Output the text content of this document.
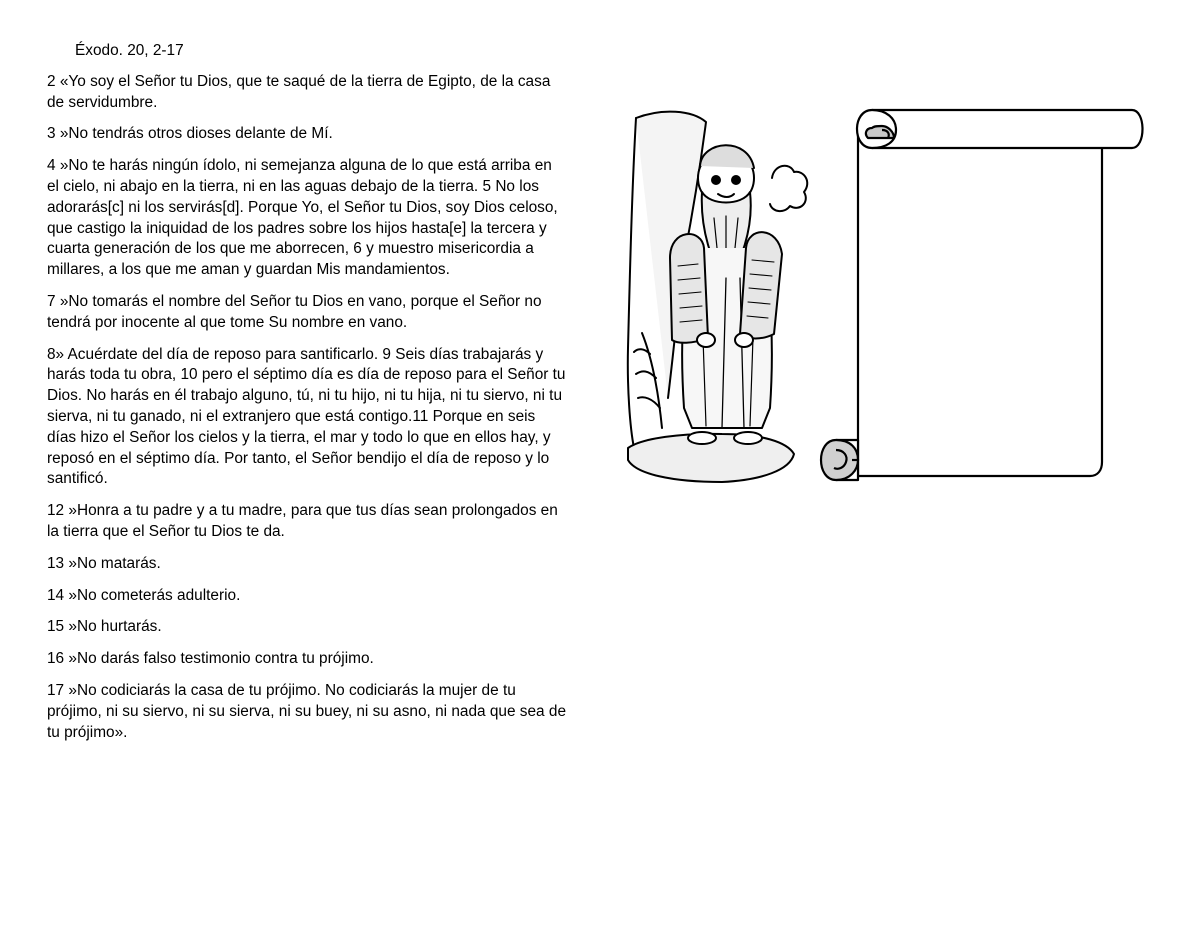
Éxodo. 20, 2-17

2 «Yo soy el Señor tu Dios, que te saqué de la tierra de Egipto, de la casa de servidumbre.

3 »No tendrás otros dioses delante de Mí.

4 »No te harás ningún ídolo, ni semejanza alguna de lo que está arriba en el cielo, ni abajo en la tierra, ni en las aguas debajo de la tierra. 5 No los adorarás[c] ni los servirás[d]. Porque Yo, el Señor tu Dios, soy Dios celoso, que castigo la iniquidad de los padres sobre los hijos hasta[e] la tercera y cuarta generación de los que me aborrecen, 6 y muestro misericordia a millares, a los que me aman y guardan Mis mandamientos.

7 »No tomarás el nombre del Señor tu Dios en vano, porque el Señor no tendrá por inocente al que tome Su nombre en vano.

8» Acuérdate del día de reposo para santificarlo. 9 Seis días trabajarás y harás toda tu obra, 10 pero el séptimo día es día de reposo para el Señor tu Dios. No harás en él trabajo alguno, tú, ni tu hijo, ni tu hija, ni tu siervo, ni tu sierva, ni tu ganado, ni el extranjero que está contigo.11 Porque en seis días hizo el Señor los cielos y la tierra, el mar y todo lo que en ellos hay, y reposó en el séptimo día. Por tanto, el Señor bendijo el día de reposo y lo santificó.

12 »Honra a tu padre y a tu madre, para que tus días sean prolongados en la tierra que el Señor tu Dios te da.

13 »No matarás.

14 »No cometerás adulterio.

15 »No hurtarás.

16 »No darás falso testimonio contra tu prójimo.

17 »No codiciarás la casa de tu prójimo. No codiciarás la mujer de tu prójimo, ni su siervo, ni su sierva, ni su buey, ni su asno, ni nada que sea de tu prójimo».
